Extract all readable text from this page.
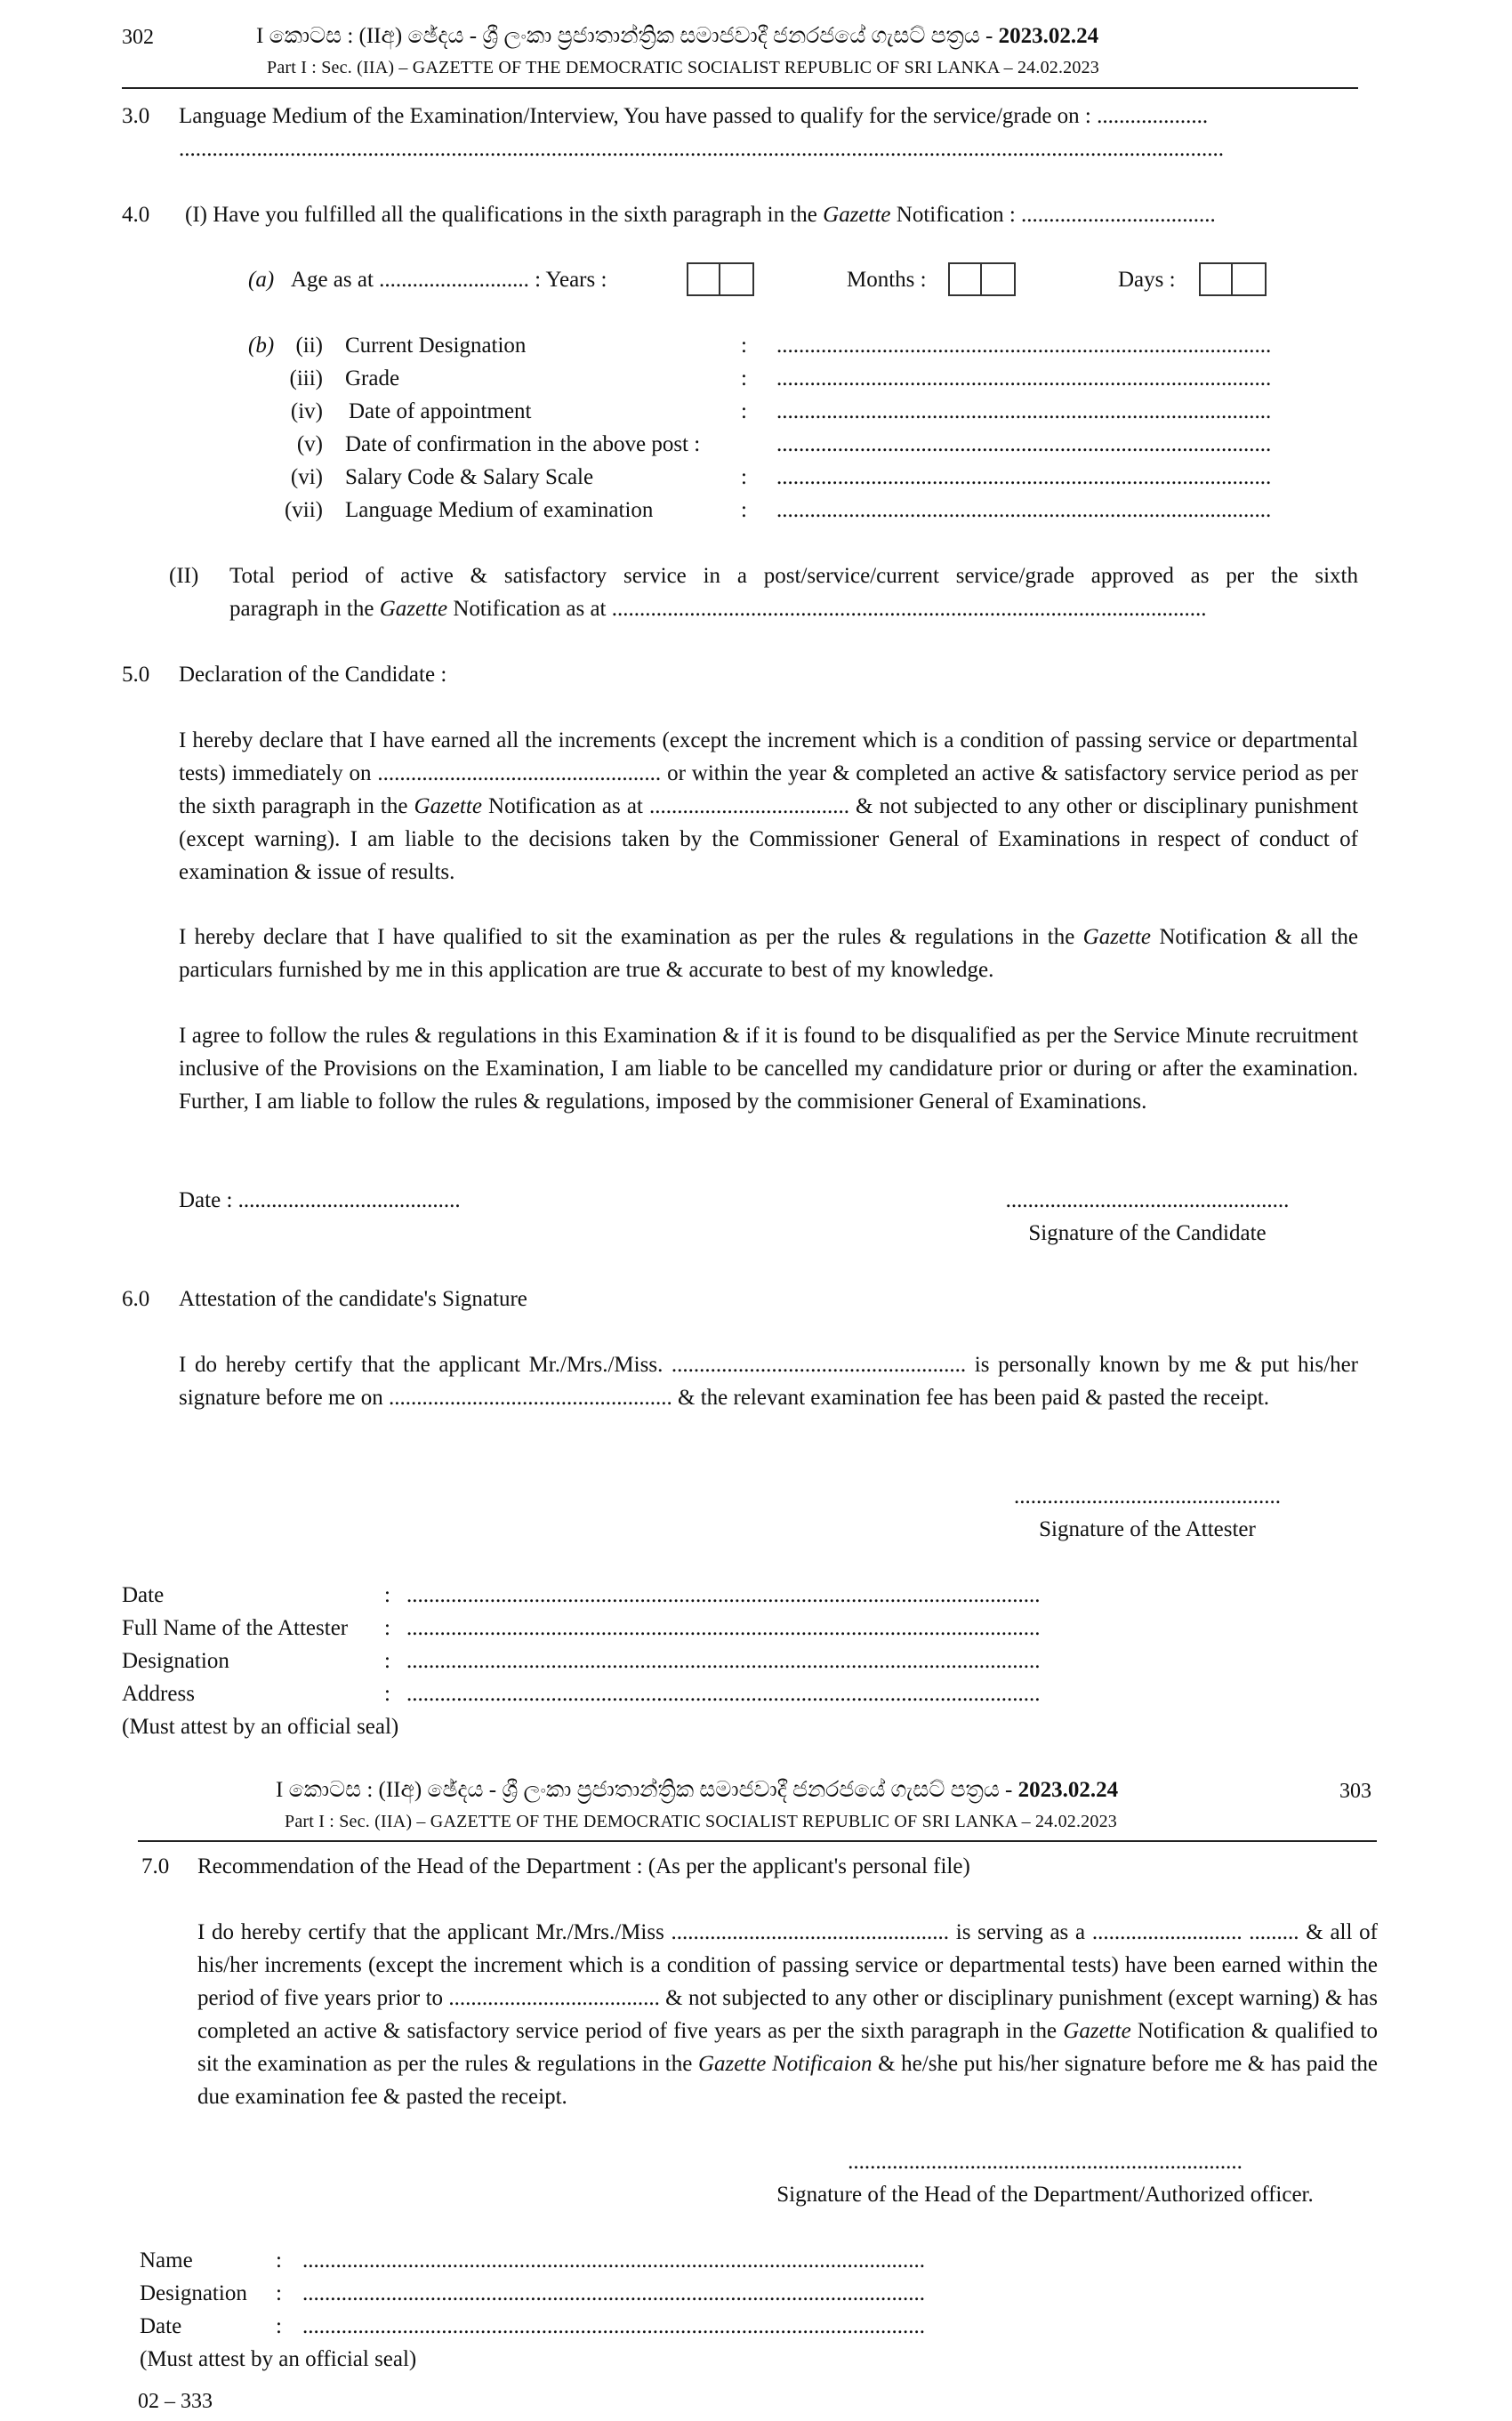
302	I කොටස : (IIඅ) ඡේදය - ශ්‍රී ලංකා ප්‍රජාතාන්ත්‍රික සමාජවාදී ජනරජයේ ගැසට් පත්‍රය - 2023.02.24
Part I : Sec. (IIA) – GAZETTE OF THE DEMOCRATIC SOCIALIST REPUBLIC OF SRI LANKA – 24.02.2023
3.0 Language Medium of the Examination/Interview, You have passed to qualify for the service/grade on : ....................
............................................................................................................................................................................................
4.0 (I) Have you fulfilled all the qualifications in the sixth paragraph in the Gazette Notification : ...................................
(a) Age as at ........................... : Years :	Months :	Days :
(b) (ii) Current Designation	: .........................................................................................
(iii) Grade	: .........................................................................................
(iv) Date of appointment	: .........................................................................................
(v) Date of confirmation in the above post :	.........................................................................................
(vi) Salary Code & Salary Scale	: .........................................................................................
(vii) Language Medium of examination	: .........................................................................................
(II) Total period of active & satisfactory service in a post/service/current service/grade approved as per the sixth
paragraph in the Gazette Notification as at ...........................................................................................................
5.0 Declaration of the Candidate :

I hereby declare that I have earned all the increments (except the increment which is a condition of passing service or departmental tests) immediately on ................................................... or within the year & completed an active & satisfactory service period as per the sixth paragraph in the Gazette Notification as at .................................... & not subjected to any other or disciplinary punishment (except warning). I am liable to the decisions taken by the Commissioner General of Examinations in respect of conduct of examination & issue of results.

I hereby declare that I have qualified to sit the examination as per the rules & regulations in the Gazette Notification & all the particulars furnished by me in this application are true & accurate to best of my knowledge.

I agree to follow the rules & regulations in this Examination & if it is found to be disqualified as per the Service Minute recruitment inclusive of the Provisions on the Examination, I am liable to be cancelled my candidature prior or during or after the examination. Further, I am liable to follow the rules & regulations, imposed by the commisioner General of Examinations.
Date : ........................................	...................................................
Signature of the Candidate
6.0 Attestation of the candidate's Signature
I do hereby certify that the applicant Mr./Mrs./Miss. ..................................................... is personally known by me & put his/her signature before me on ................................................... & the relevant examination fee has been paid & pasted the receipt.
................................................
Signature of the Attester
Date	: ..................................................................................................................
Full Name of the Attester : ..................................................................................................................
Designation	: ..................................................................................................................
Address	: ..................................................................................................................
(Must attest by an official seal)
I කොටස : (IIඅ) ඡේදය - ශ්‍රී ලංකා ප්‍රජාතාන්ත්‍රික සමාජවාදී ජනරජයේ ගැසට් පත්‍රය - 2023.02.24	303
Part I : Sec. (IIA) – GAZETTE OF THE DEMOCRATIC SOCIALIST REPUBLIC OF SRI LANKA – 24.02.2023
7.0 Recommendation of the Head of the Department : (As per the applicant's personal file)

I do hereby certify that the applicant Mr./Mrs./Miss .................................................. is serving as a ........................... ......... & all of his/her increments (except the increment which is a condition of passing service or departmental tests) have been earned within the period of five years prior to ...................................... & not subjected to any other or disciplinary punishment (except warning) & has completed an active & satisfactory service period of five years as per the sixth paragraph in the Gazette Notification & qualified to sit the examination as per the rules & regulations in the Gazette Notificaion & he/she put his/her signature before me & has paid the due examination fee & pasted the receipt.

.......................................................................
Signature of the Head of the Department/Authorized officer.
Name	: ................................................................................................................
Designation : ................................................................................................................
Date	: ................................................................................................................
(Must attest by an official seal)
02 – 333
